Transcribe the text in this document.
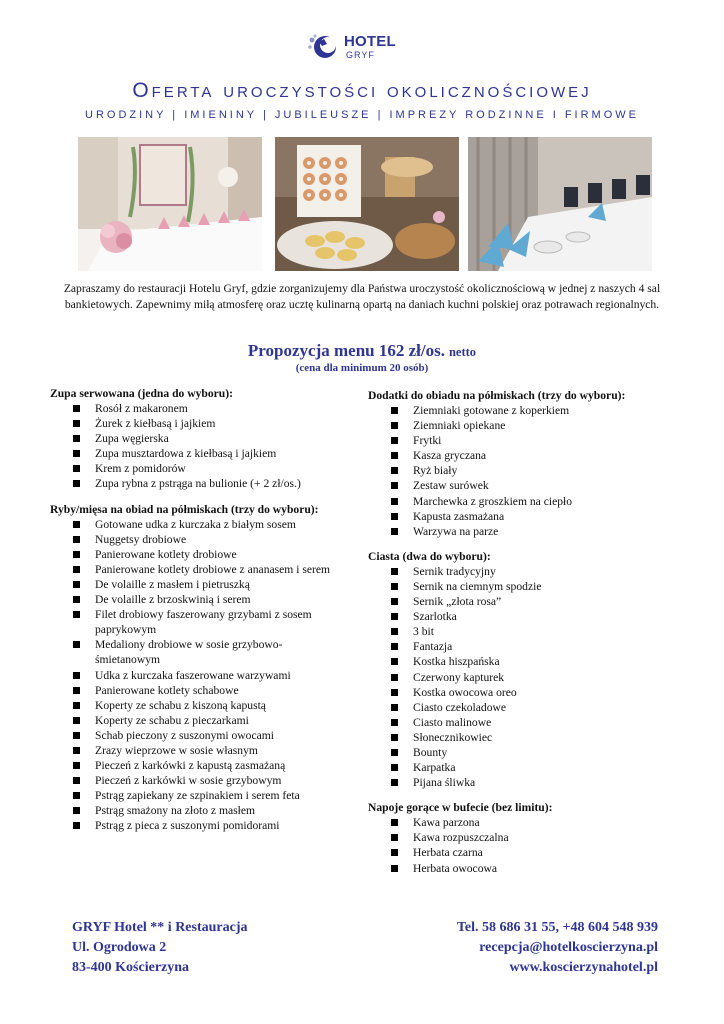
HOTEL
GRYF
Oferta uroczystości okolicznościowej
URODZINY | IMIENINY | JUBILEUSZE | IMPREZY RODZINNE I FIRMOWE

Zapraszamy do restauracji Hotelu Gryf, gdzie zorganizujemy dla Państwa uroczystość okolicznościową w jednej z naszych 4 sal bankietowych. Zapewnimy miłą atmosferę oraz ucztę kulinarną opartą na daniach kuchni polskiej oraz potrawach regionalnych.

Propozycja menu 162 zł/os. netto
(cena dla minimum 20 osób)
Zupa serwowana (jedna do wyboru):
Rosół z makaronem
Żurek z kiełbasą i jajkiem
Zupa węgierska
Zupa musztardowa z kiełbasą i jajkiem
Krem z pomidorów
Zupa rybna z pstrąga na bulionie (+ 2 zł/os.)
Ryby/mięsa na obiad na półmiskach (trzy do wyboru):
Gotowane udka z kurczaka z białym sosem
Nuggetsy drobiowe
Panierowane kotlety drobiowe
Panierowane kotlety drobiowe z ananasem i serem
De volaille z masłem i pietruszką
De volaille z brzoskwinią i serem
Filet drobiowy faszerowany grzybami z sosem paprykowym
Medaliony drobiowe w sosie grzybowo-śmietanowym
Udka z kurczaka faszerowane warzywami
Panierowane kotlety schabowe
Koperty ze schabu z kiszoną kapustą
Koperty ze schabu z pieczarkami
Schab pieczony z suszonymi owocami
Zrazy wieprzowe w sosie własnym
Pieczeń z karkówki z kapustą zasmażaną
Pieczeń z karkówki w sosie grzybowym
Pstrąg zapiekany ze szpinakiem i serem feta
Pstrąg smażony na złoto z masłem
Pstrąg z pieca z suszonymi pomidorami
Dodatki do obiadu na półmiskach (trzy do wyboru):
Ziemniaki gotowane z koperkiem
Ziemniaki opiekane
Frytki
Kasza gryczana
Ryż biały
Zestaw surówek
Marchewka z groszkiem na ciepło
Kapusta zasmażana
Warzywa na parze
Ciasta (dwa do wyboru):
Sernik tradycyjny
Sernik na ciemnym spodzie
Sernik „złota rosa”
Szarlotka
3 bit
Fantazja
Kostka hiszpańska
Czerwony kapturek
Kostka owocowa oreo
Ciasto czekoladowe
Ciasto malinowe
Słonecznikowiec
Bounty
Karpatka
Pijana śliwka
Napoje gorące w bufecie (bez limitu):
Kawa parzona
Kawa rozpuszczalna
Herbata czarna
Herbata owocowa
GRYF Hotel ** i Restauracja
Ul. Ogrodowa 2
83-400 Kościerzyna
Tel. 58 686 31 55, +48 604 548 939
recepcja@hotelkoscierzyna.pl
www.koscierzynahotel.pl
